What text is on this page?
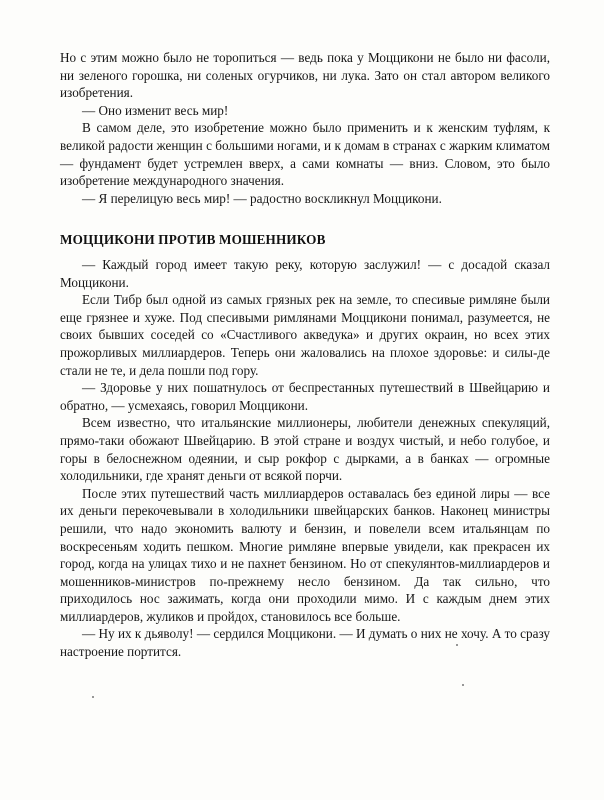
Но с этим можно было не торопиться — ведь пока у Моццикони не было ни фасоли, ни зеленого горошка, ни соленых огурчиков, ни лука. Зато он стал автором великого изобретения.

— Оно изменит весь мир!

В самом деле, это изобретение можно было применить и к женским туфлям, к великой радости женщин с большими ногами, и к домам в странах с жарким климатом — фундамент будет устремлен вверх, а сами комнаты — вниз. Словом, это было изобретение международного значения.

— Я перелицую весь мир! — радостно воскликнул Моццикони.

МОЦЦИКОНИ ПРОТИВ МОШЕННИКОВ

— Каждый город имеет такую реку, которую заслужил! — с досадой сказал Моццикони.

Если Тибр был одной из самых грязных рек на земле, то спесивые римляне были еще грязнее и хуже. Под спесивыми римлянами Моццикони понимал, разумеется, не своих бывших соседей со «Счастливого акведука» и других окраин, но всех этих прожорливых миллиардеров. Теперь они жаловались на плохое здоровье: и силы-де стали не те, и дела пошли под гору.

— Здоровье у них пошатнулось от беспрестанных путешествий в Швейцарию и обратно, — усмехаясь, говорил Моццикони.

Всем известно, что итальянские миллионеры, любители денежных спекуляций, прямо-таки обожают Швейцарию. В этой стране и воздух чистый, и небо голубое, и горы в белоснежном одеянии, и сыр рокфор с дырками, а в банках — огромные холодильники, где хранят деньги от всякой порчи.

После этих путешествий часть миллиардеров оставалась без единой лиры — все их деньги перекочевывали в холодильники швейцарских банков. Наконец министры решили, что надо экономить валюту и бензин, и повелели всем итальянцам по воскресеньям ходить пешком. Многие римляне впервые увидели, как прекрасен их город, когда на улицах тихо и не пахнет бензином. Но от спекулянтов-миллиардеров и мошенников-министров по-прежнему несло бензином. Да так сильно, что приходилось нос зажимать, когда они проходили мимо. И с каждым днем этих миллиардеров, жуликов и пройдох, становилось все больше.

— Ну их к дьяволу! — сердился Моццикони. — И думать о них не хочу. А то сразу настроение портится.
